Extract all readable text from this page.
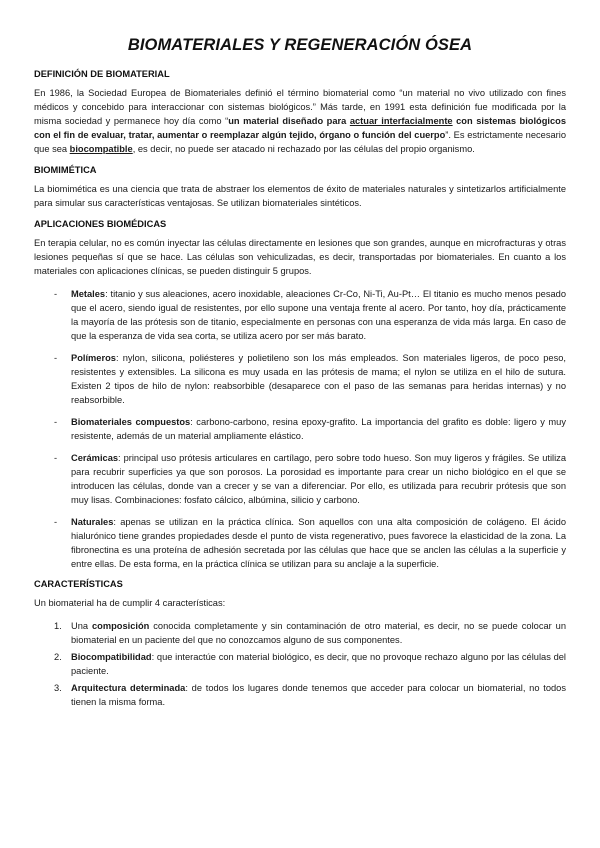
BIOMATERIALES Y REGENERACIÓN ÓSEA
DEFINICIÓN DE BIOMATERIAL

En 1986, la Sociedad Europea de Biomateriales definió el término biomaterial como “un material no vivo utilizado con fines médicos y concebido para interaccionar con sistemas biológicos.” Más tarde, en 1991 esta definición fue modificada por la misma sociedad y permanece hoy día como “un material diseñado para actuar interfacialmente con sistemas biológicos con el fin de evaluar, tratar, aumentar o reemplazar algún tejido, órgano o función del cuerpo”. Es estrictamente necesario que sea biocompatible, es decir, no puede ser atacado ni rechazado por las células del propio organismo.

BIOMIMÉTICA

La biomimética es una ciencia que trata de abstraer los elementos de éxito de materiales naturales y sintetizarlos artificialmente para simular sus características ventajosas. Se utilizan biomateriales sintéticos.

APLICACIONES BIOMÉDICAS

En terapia celular, no es común inyectar las células directamente en lesiones que son grandes, aunque en microfracturas y otras lesiones pequeñas sí que se hace. Las células son vehiculizadas, es decir, transportadas por biomateriales. En cuanto a los materiales con aplicaciones clínicas, se pueden distinguir 5 grupos.

- Metales: titanio y sus aleaciones, acero inoxidable, aleaciones Cr-Co, Ni-Ti, Au-Pt… El titanio es mucho menos pesado que el acero, siendo igual de resistentes, por ello supone una ventaja frente al acero. Por tanto, hoy día, prácticamente la mayoría de las prótesis son de titanio, especialmente en personas con una esperanza de vida más larga. En caso de que la esperanza de vida sea corta, se utiliza acero por ser más barato.
- Polímeros: nylon, silicona, poliésteres y polietileno son los más empleados. Son materiales ligeros, de poco peso, resistentes y extensibles. La silicona es muy usada en las prótesis de mama; el nylon se utiliza en el hilo de sutura. Existen 2 tipos de hilo de nylon: reabsorbible (desaparece con el paso de las semanas para heridas internas) y no reabsorbible.
- Biomateriales compuestos: carbono-carbono, resina epoxy-grafito. La importancia del grafito es doble: ligero y muy resistente, además de un material ampliamente elástico.
- Cerámicas: principal uso prótesis articulares en cartílago, pero sobre todo hueso. Son muy ligeros y frágiles. Se utiliza para recubrir superficies ya que son porosos. La porosidad es importante para crear un nicho biológico en el que se introducen las células, donde van a crecer y se van a diferenciar. Por ello, es utilizada para recubrir prótesis que son muy lisas. Combinaciones: fosfato cálcico, albúmina, silicio y carbono.
- Naturales: apenas se utilizan en la práctica clínica. Son aquellos con una alta composición de colágeno. El ácido hialurónico tiene grandes propiedades desde el punto de vista regenerativo, pues favorece la elasticidad de la zona. La fibronectina es una proteína de adhesión secretada por las células que hace que se anclen las células a la superficie y entre ellas. De esta forma, en la práctica clínica se utilizan para su anclaje a la superficie.
CARACTERÍSTICAS

Un biomaterial ha de cumplir 4 características:

1. Una composición conocida completamente y sin contaminación de otro material, es decir, no se puede colocar un biomaterial en un paciente del que no conozcamos alguno de sus componentes.
2. Biocompatibilidad: que interactúe con material biológico, es decir, que no provoque rechazo alguno por las células del paciente.
3. Arquitectura determinada: de todos los lugares donde tenemos que acceder para colocar un biomaterial, no todos tienen la misma forma.
